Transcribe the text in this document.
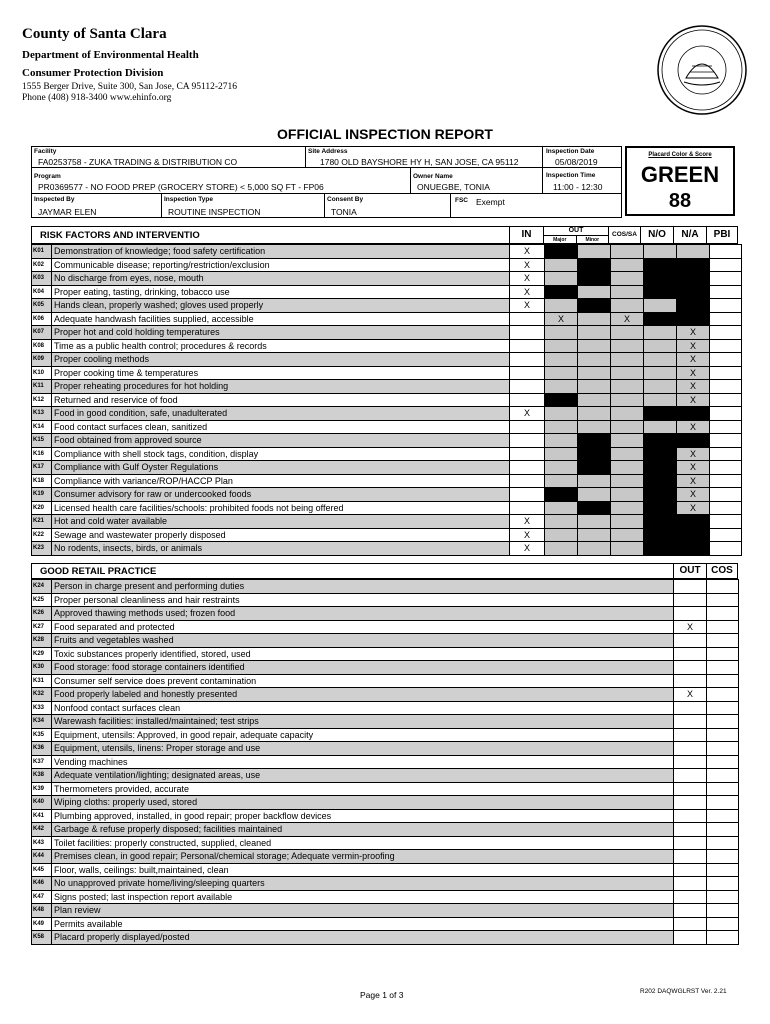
County of Santa Clara
Department of Environmental Health
Consumer Protection Division
1555 Berger Drive, Suite 300, San Jose, CA 95112-2716
Phone (408) 918-3400 www.ehinfo.org
OFFICIAL INSPECTION REPORT
Facility
FA0253758 - ZUKA TRADING & DISTRIBUTION CO
Site Address
1780 OLD BAYSHORE HY H, SAN JOSE, CA 95112
Inspection Date
05/08/2019
Program
PR0369577 - NO FOOD PREP (GROCERY STORE) < 5,000 SQ FT - FP06
Owner Name
ONUEGBE, TONIA
Inspection Time
11:00 - 12:30
Inspected By
JAYMAR ELEN
Inspection Type
ROUTINE INSPECTION
Consent By
TONIA
FSC Exempt
Placard Color & Score
GREEN
88
RISK FACTORS AND INTERVENTIO	IN	OUT
Major	Minor
COS/SA	N/O	N/A	PBI
K01	Demonstration of knowledge; food safety certification	X						
K02	Communicable disease; reporting/restriction/exclusion	X						
K03	No discharge from eyes, nose, mouth	X						
K04	Proper eating, tasting, drinking, tobacco use	X						
K05	Hands clean, properly washed; gloves used properly	X						
K06	Adequate handwash facilities supplied, accessible		X		X			
K07	Proper hot and cold holding temperatures						X	
K08	Time as a public health control; procedures & records						X	
K09	Proper cooling methods						X	
K10	Proper cooking time & temperatures						X	
K11	Proper reheating procedures for hot holding						X	
K12	Returned and reservice of food						X	
K13	Food in good condition, safe, unadulterated	X						
K14	Food contact surfaces clean, sanitized						X	
K15	Food obtained from approved source							
K16	Compliance with shell stock tags, condition, display						X	
K17	Compliance with Gulf Oyster Regulations						X	
K18	Compliance with variance/ROP/HACCP Plan						X	
K19	Consumer advisory for raw or undercooked foods						X	
K20	Licensed health care facilities/schools: prohibited foods not being offered						X	
K21	Hot and cold water available	X						
K22	Sewage and wastewater properly disposed	X						
K23	No rodents, insects, birds, or animals	X						
GOOD RETAIL PRACTICE	OUT	COS
K24	Person in charge present and performing duties		
K25	Proper personal cleanliness and hair restraints		
K26	Approved thawing methods used; frozen food		
K27	Food separated and protected	X	
K28	Fruits and vegetables washed		
K29	Toxic substances properly identified, stored, used		
K30	Food storage: food storage containers identified		
K31	Consumer self service does prevent contamination		
K32	Food properly labeled and honestly presented	X	
K33	Nonfood contact surfaces clean		
K34	Warewash facilities: installed/maintained; test strips		
K35	Equipment, utensils: Approved, in good repair, adequate capacity		
K36	Equipment, utensils, linens: Proper storage and use		
K37	Vending machines		
K38	Adequate ventilation/lighting; designated areas, use		
K39	Thermometers provided, accurate		
K40	Wiping cloths: properly used, stored		
K41	Plumbing approved, installed, in good repair; proper backflow devices		
K42	Garbage & refuse properly disposed; facilities maintained		
K43	Toilet facilities: properly constructed, supplied, cleaned		
K44	Premises clean, in good repair; Personal/chemical storage; Adequate vermin-proofing		
K45	Floor, walls, ceilings: built,maintained, clean		
K46	No unapproved private home/living/sleeping quarters		
K47	Signs posted; last inspection report available		
K48	Plan review		
K49	Permits available		
K58	Placard properly displayed/posted		
Page 1 of 3	R202 DAQWGLRST Ver. 2.21
